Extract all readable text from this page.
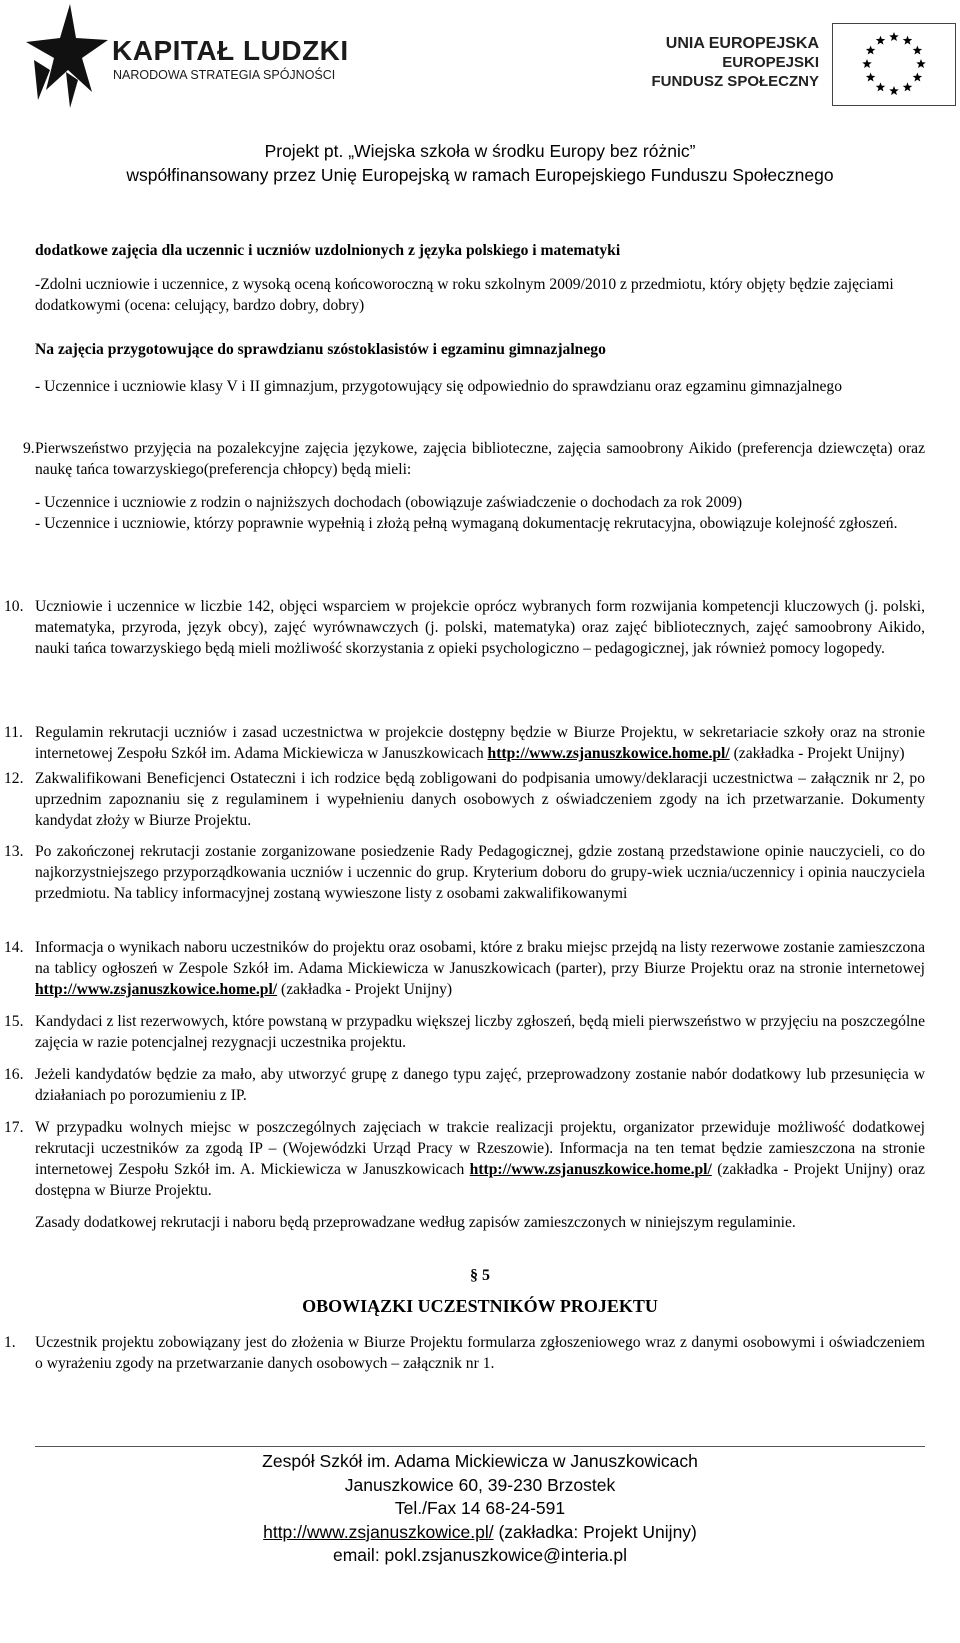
KAPITAŁ LUDZKI
NARODOWA STRATEGIA SPÓJNOŚCI
UNIA EUROPEJSKA
EUROPEJSKI
FUNDUSZ SPOŁECZNY
Projekt pt. „Wiejska szkoła w środku Europy bez różnic”
współfinansowany przez Unię Europejską w ramach Europejskiego Funduszu Społecznego

dodatkowe zajęcia dla uczennic i uczniów uzdolnionych z języka polskiego i matematyki

-Zdolni uczniowie i uczennice, z wysoką oceną końcoworoczną w roku szkolnym 2009/2010 z przedmiotu, który objęty będzie zajęciami dodatkowymi (ocena: celujący, bardzo dobry, dobry)

Na zajęcia przygotowujące do sprawdzianu szóstoklasistów i egzaminu gimnazjalnego

- Uczennice i uczniowie klasy V i II gimnazjum, przygotowujący się odpowiednio do sprawdzianu oraz egzaminu gimnazjalnego

9. Pierwszeństwo przyjęcia na pozalekcyjne zajęcia językowe, zajęcia biblioteczne, zajęcia samoobrony Aikido (preferencja dziewczęta) oraz naukę tańca towarzyskiego(preferencja chłopcy) będą mieli:

- Uczennice i uczniowie z rodzin o najniższych dochodach (obowiązuje zaświadczenie o dochodach za rok 2009)

- Uczennice i uczniowie, którzy poprawnie wypełnią i złożą pełną wymaganą dokumentację rekrutacyjna, obowiązuje kolejność zgłoszeń.

10. Uczniowie i uczennice w liczbie 142, objęci wsparciem w projekcie oprócz wybranych form rozwijania kompetencji kluczowych (j. polski, matematyka, przyroda, język obcy), zajęć wyrównawczych (j. polski, matematyka) oraz zajęć bibliotecznych, zajęć samoobrony Aikido, nauki tańca towarzyskiego będą mieli możliwość skorzystania z opieki psychologiczno – pedagogicznej, jak również pomocy logopedy.

11. Regulamin rekrutacji uczniów i zasad uczestnictwa w projekcie dostępny będzie w Biurze Projektu, w sekretariacie szkoły oraz na stronie internetowej Zespołu Szkół im. Adama Mickiewicza w Januszkowicach http://www.zsjanuszkowice.home.pl/ (zakładka - Projekt Unijny)

12. Zakwalifikowani Beneficjenci Ostateczni i ich rodzice będą zobligowani do podpisania umowy/deklaracji uczestnictwa – załącznik nr 2, po uprzednim zapoznaniu się z regulaminem i wypełnieniu danych osobowych z oświadczeniem zgody na ich przetwarzanie. Dokumenty kandydat złoży w Biurze Projektu.

13. Po zakończonej rekrutacji zostanie zorganizowane posiedzenie Rady Pedagogicznej, gdzie zostaną przedstawione opinie nauczycieli, co do najkorzystniejszego przyporządkowania uczniów i uczennic do grup. Kryterium doboru do grupy-wiek ucznia/uczennicy i opinia nauczyciela przedmiotu. Na tablicy informacyjnej zostaną wywieszone listy z osobami zakwalifikowanymi

14. Informacja o wynikach naboru uczestników do projektu oraz osobami, które z braku miejsc przejdą na listy rezerwowe zostanie zamieszczona na tablicy ogłoszeń w Zespole Szkół im. Adama Mickiewicza w Januszkowicach (parter), przy Biurze Projektu oraz na stronie internetowej http://www.zsjanuszkowice.home.pl/ (zakładka - Projekt Unijny)

15. Kandydaci z list rezerwowych, które powstaną w przypadku większej liczby zgłoszeń, będą mieli pierwszeństwo w przyjęciu na poszczególne zajęcia w razie potencjalnej rezygnacji uczestnika projektu.

16. Jeżeli kandydatów będzie za mało, aby utworzyć grupę z danego typu zajęć, przeprowadzony zostanie nabór dodatkowy lub przesunięcia w działaniach po porozumieniu z IP.

17. W przypadku wolnych miejsc w poszczególnych zajęciach w trakcie realizacji projektu, organizator przewiduje możliwość dodatkowej rekrutacji uczestników za zgodą IP – (Wojewódzki Urząd Pracy w Rzeszowie). Informacja na ten temat będzie zamieszczona na stronie internetowej Zespołu Szkół im. A. Mickiewicza w Januszkowicach http://www.zsjanuszkowice.home.pl/ (zakładka - Projekt Unijny) oraz dostępna w Biurze Projektu.

Zasady dodatkowej rekrutacji i naboru będą przeprowadzane według zapisów zamieszczonych w niniejszym regulaminie.

§ 5
OBOWIĄZKI UCZESTNIKÓW PROJEKTU
1.	Uczestnik projektu zobowiązany jest do złożenia w Biurze Projektu formularza zgłoszeniowego wraz z danymi osobowymi i oświadczeniem o wyrażeniu zgody na przetwarzanie danych osobowych – załącznik nr 1.

Zespół Szkół im. Adama Mickiewicza w Januszkowicach
Januszkowice 60, 39-230 Brzostek
Tel./Fax 14 68-24-591
http://www.zsjanuszkowice.pl/ (zakładka: Projekt Unijny)
email: pokl.zsjanuszkowice@interia.pl
